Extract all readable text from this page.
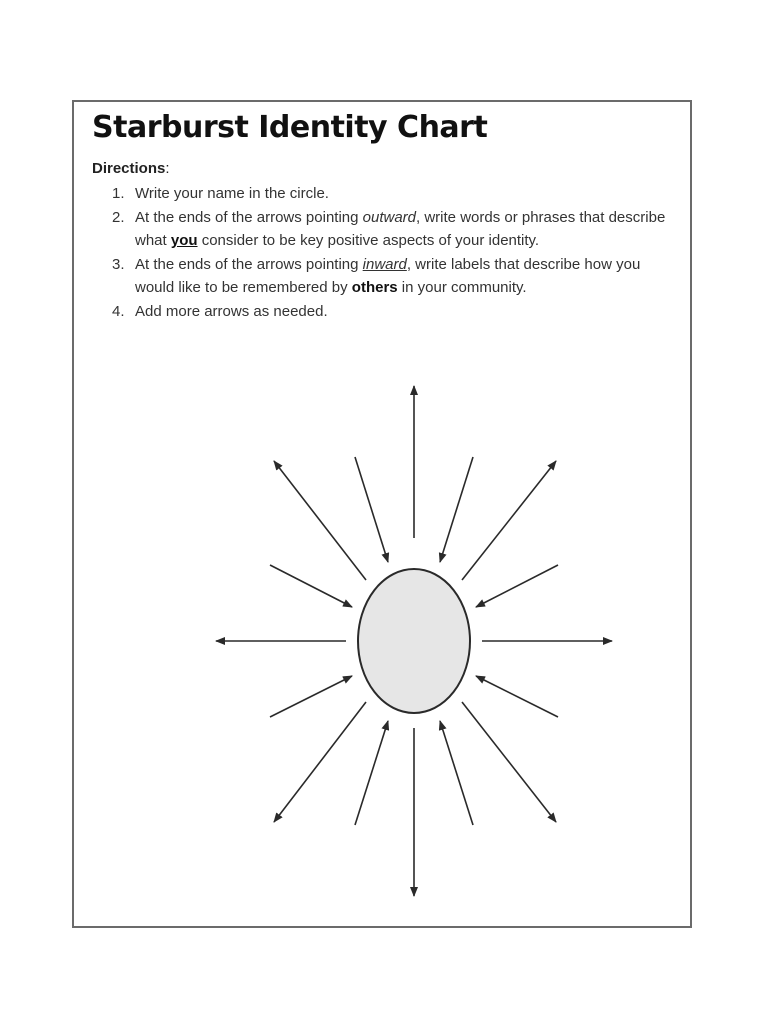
Starburst Identity Chart
Directions:
1. Write your name in the circle.
2. At the ends of the arrows pointing outward, write words or phrases that describe what you consider to be key positive aspects of your identity.
3. At the ends of the arrows pointing inward, write labels that describe how you would like to be remembered by others in your community.
4. Add more arrows as needed.
